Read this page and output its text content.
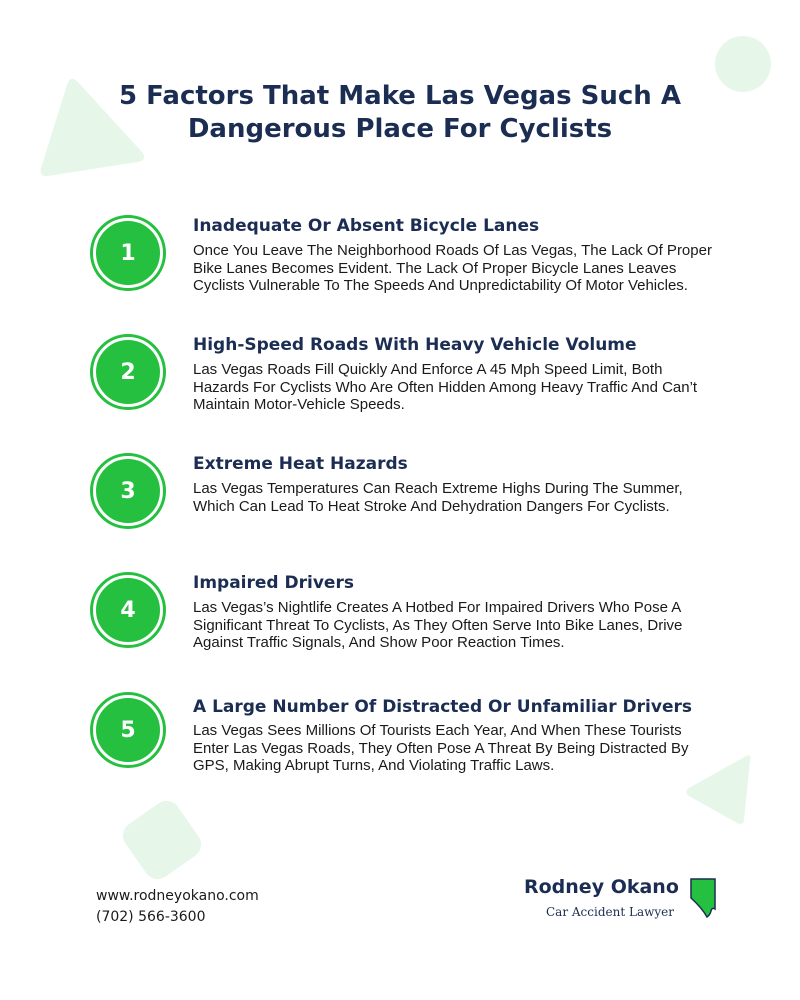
5 Factors That Make Las Vegas Such A
Dangerous Place For Cyclists
1
Inadequate Or Absent Bicycle Lanes

Once You Leave The Neighborhood Roads Of Las Vegas, The Lack Of Proper Bike Lanes Becomes Evident. The Lack Of Proper Bicycle Lanes Leaves Cyclists Vulnerable To The Speeds And Unpredictability Of Motor Vehicles.

2
High-Speed Roads With Heavy Vehicle Volume

Las Vegas Roads Fill Quickly And Enforce A 45 Mph Speed Limit, Both Hazards For Cyclists Who Are Often Hidden Among Heavy Traffic And Can’t Maintain Motor-Vehicle Speeds.

3
Extreme Heat Hazards

Las Vegas Temperatures Can Reach Extreme Highs During The Summer, Which Can Lead To Heat Stroke And Dehydration Dangers For Cyclists.

4
Impaired Drivers

Las Vegas’s Nightlife Creates A Hotbed For Impaired Drivers Who Pose A Significant Threat To Cyclists, As They Often Serve Into Bike Lanes, Drive Against Traffic Signals, And Show Poor Reaction Times.

5
A Large Number Of Distracted Or Unfamiliar Drivers

Las Vegas Sees Millions Of Tourists Each Year, And When These Tourists Enter Las Vegas Roads, They Often Pose A Threat By Being Distracted By GPS, Making Abrupt Turns, And Violating Traffic Laws.

www.rodneyokano.com
(702) 566-3600
Rodney Okano
Car Accident Lawyer
